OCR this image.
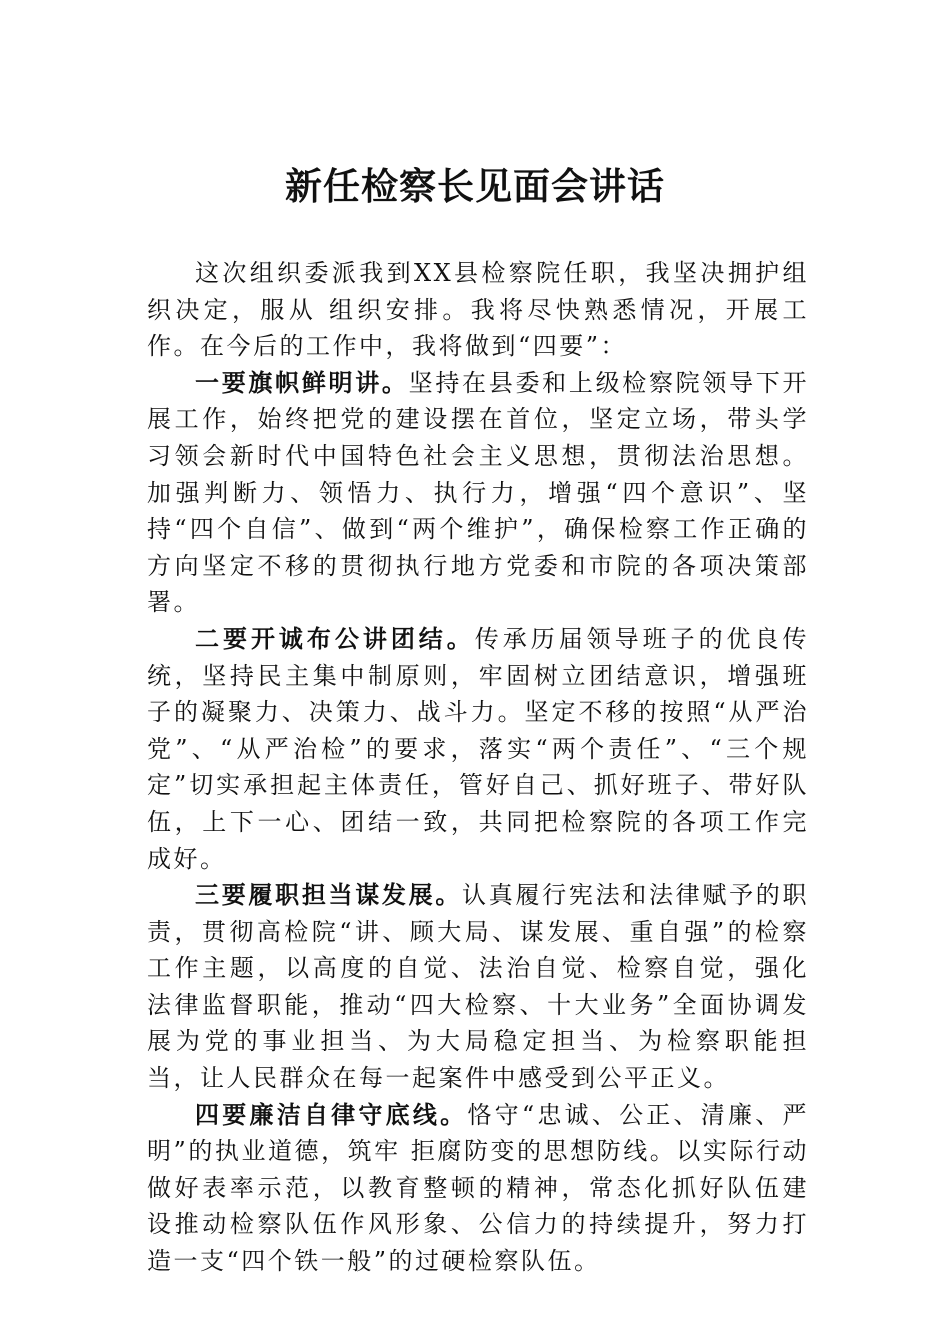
新任检察长见面会讲话

这次组织委派我到XX县检察院任职，我坚决拥护组织决定，服从 组织安排。我将尽快熟悉情况，开展工作。在今后的工作中，我将做到“四要”：

一要旗帜鲜明讲。坚持在县委和上级检察院领导下开展工作，始终把党的建设摆在首位，坚定立场，带头学习领会新时代中国特色社会主义思想，贯彻法治思想。加强判断力、领悟力、执行力，增强“四个意识”、坚持“四个自信”、做到“两个维护”，确保检察工作正确的方向坚定不移的贯彻执行地方党委和市院的各项决策部署。

二要开诚布公讲团结。传承历届领导班子的优良传统，坚持民主集中制原则，牢固树立团结意识，增强班子的凝聚力、决策力、战斗力。坚定不移的按照“从严治党”、“从严治检”的要求，落实“两个责任”、“三个规定”切实承担起主体责任，管好自己、抓好班子、带好队伍，上下一心、团结一致，共同把检察院的各项工作完成好。

三要履职担当谋发展。认真履行宪法和法律赋予的职责，贯彻高检院“讲、顾大局、谋发展、重自强”的检察工作主题，以高度的自觉、法治自觉、检察自觉，强化法律监督职能，推动“四大检察、十大业务”全面协调发展为党的事业担当、为大局稳定担当、为检察职能担当，让人民群众在每一起案件中感受到公平正义。

四要廉洁自律守底线。恪守“忠诚、公正、清廉、严明”的执业道德，筑牢 拒腐防变的思想防线。以实际行动做好表率示范，以教育整顿的精神，常态化抓好队伍建设推动检察队伍作风形象、公信力的持续提升，努力打造一支“四个铁一般”的过硬检察队伍。
